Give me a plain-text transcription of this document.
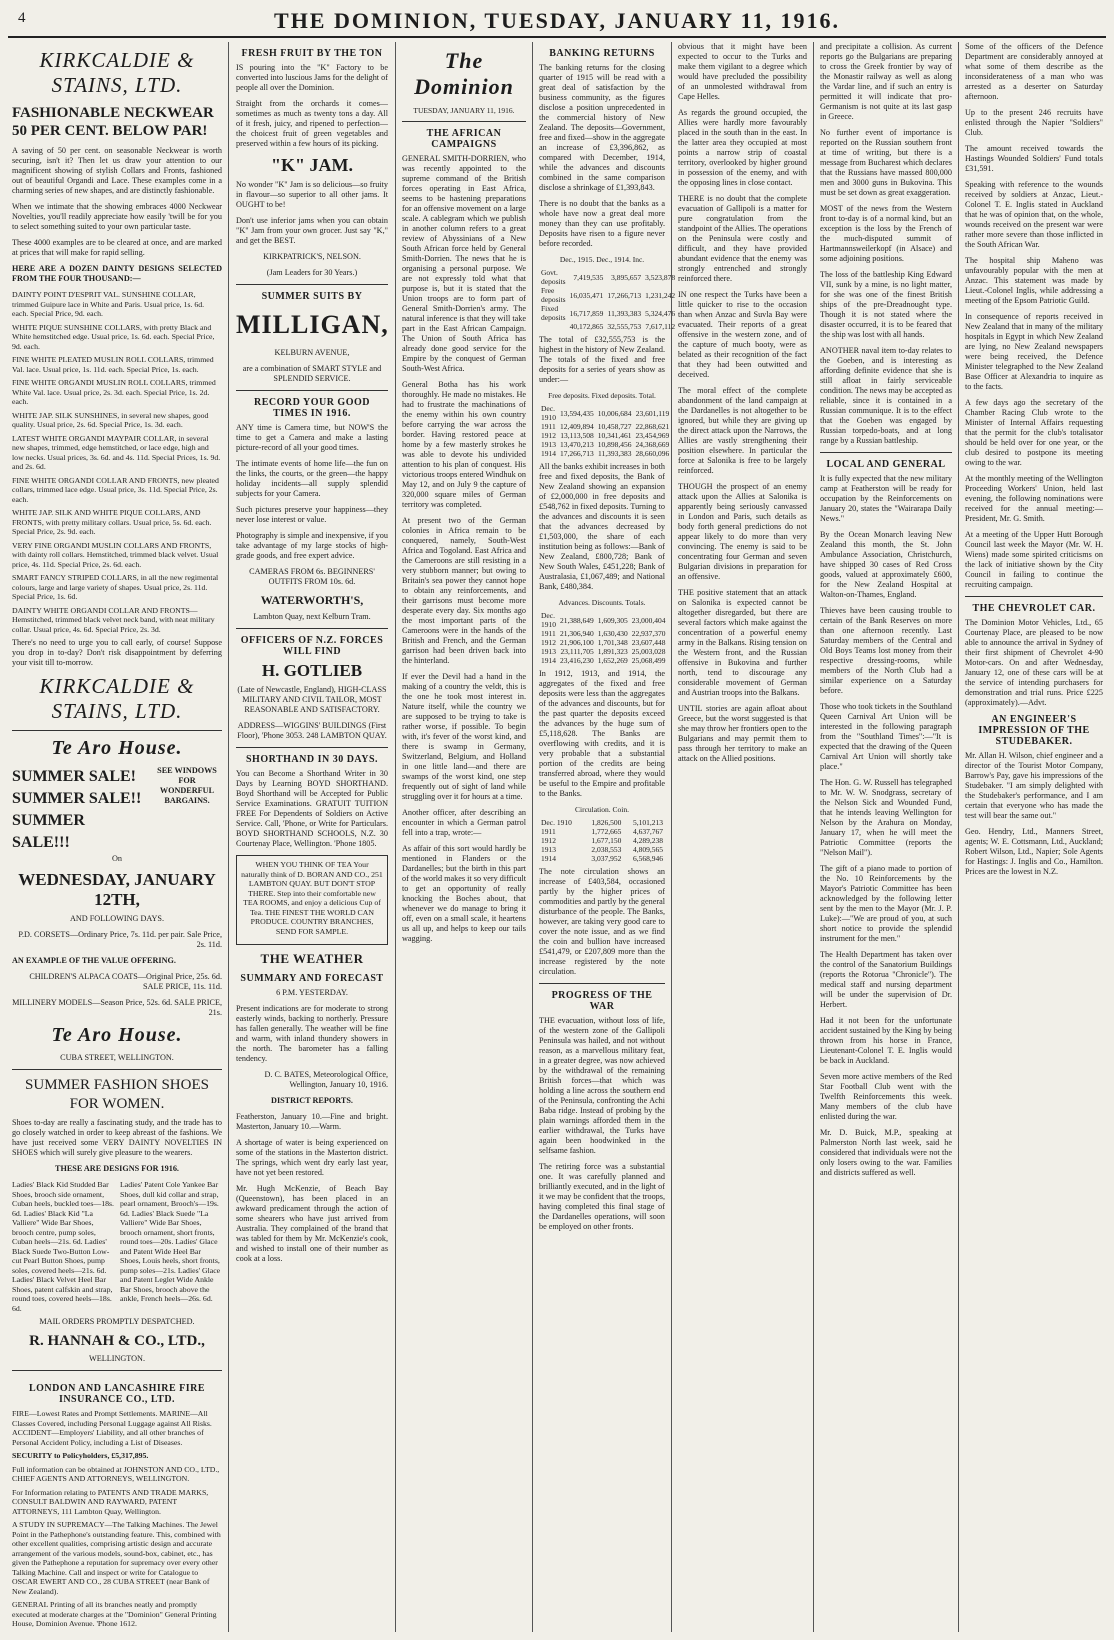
4	THE DOMINION, TUESDAY, JANUARY 11, 1916.
KIRKCALDIE & STAINS, LTD.
FASHIONABLE NECKWEAR 50 PER CENT. BELOW PAR!

A saving of 50 per cent. on seasonable Neckwear is worth securing, isn't it? Then let us draw your attention to our magnificent showing of stylish Collars and Fronts, fashioned out of beautiful Organdi and Lace. These examples come in a charming series of new shapes, and are distinctly fashionable.

When we intimate that the showing embraces 4000 Neckwear Novelties, you'll readily appreciate how easily 'twill be for you to select something suited to your own particular taste.

These 4000 examples are to be cleared at once, and are marked at prices that will make for rapid selling.

HERE ARE A DOZEN DAINTY DESIGNS SELECTED FROM THE FOUR THOUSAND:—

DAINTY POINT D'ESPRIT VAL. SUNSHINE COLLAR, trimmed Guipure lace in White and Paris. Usual price, 1s. 6d. each. Special Price, 9d. each.

WHITE PIQUE SUNSHINE COLLARS, with pretty Black and White hemstitched edge. Usual price, 1s. 6d. each. Special Price, 9d. each.

FINE WHITE PLEATED MUSLIN ROLL COLLARS, trimmed Val. lace. Usual price, 1s. 11d. each. Special Price, 1s. each.

FINE WHITE ORGANDI MUSLIN ROLL COLLARS, trimmed White Val. lace. Usual price, 2s. 3d. each. Special Price, 1s. 2d. each.

WHITE JAP. SILK SUNSHINES, in several new shapes, good quality. Usual price, 2s. 6d. Special Price, 1s. 3d. each.

LATEST WHITE ORGANDI MAYPAIR COLLAR, in several new shapes, trimmed, edge hemstitched, or lace edge, high and low necks. Usual prices, 3s. 6d. and 4s. 11d. Special Prices, 1s. 9d. and 2s. 6d.

FINE WHITE ORGANDI COLLAR AND FRONTS, new pleated collars, trimmed lace edge. Usual price, 3s. 11d. Special Price, 2s. each.

WHITE JAP. SILK AND WHITE PIQUE COLLARS, AND FRONTS, with pretty military collars. Usual price, 5s. 6d. each. Special Price, 2s. 9d. each.

VERY FINE ORGANDI MUSLIN COLLARS AND FRONTS, with dainty roll collars. Hemstitched, trimmed black velvet. Usual price, 4s. 11d. Special Price, 2s. 6d. each.

SMART FANCY STRIPED COLLARS, in all the new regimental colours, large and large variety of shapes. Usual price, 2s. 11d. Special Price, 1s. 6d.

DAINTY WHITE ORGANDI COLLAR AND FRONTS—Hemstitched, trimmed black velvet neck band, with neat military collar. Usual price, 4s. 6d. Special Price, 2s. 3d.

There's no need to urge you to call early, of course! Suppose you drop in to-day? Don't risk disappointment by deferring your visit till to-morrow.

KIRKCALDIE & STAINS, LTD.
Te Aro House.
SUMMER SALE!
SUMMER SALE!!
SUMMER SALE!!!
SEE WINDOWS FOR WONDERFUL BARGAINS.
On
WEDNESDAY, JANUARY 12TH,
AND FOLLOWING DAYS.

P.D. CORSETS—Ordinary Price, 7s. 11d. per pair. Sale Price, 2s. 11d.

AN EXAMPLE OF THE VALUE OFFERING.

CHILDREN'S ALPACA COATS—Original Price, 25s. 6d. SALE PRICE, 11s. 11d.

MILLINERY MODELS—Season Price, 52s. 6d. SALE PRICE, 21s.

Te Aro House.
CUBA STREET, WELLINGTON.
SUMMER FASHION SHOES FOR WOMEN.

Shoes to-day are really a fascinating study, and the trade has to go closely watched in order to keep abreast of the fashions. We have just received some VERY DAINTY NOVELTIES IN SHOES which will surely give pleasure to the wearers.

THESE ARE DESIGNS FOR 1916.

Ladies' Black Kid Studded Bar Shoes, brooch side ornament, Cuban heels, buckled toes—18s. 6d. Ladies' Black Kid "La Valliere" Wide Bar Shoes, brooch centre, pump soles, Cuban heels—21s. 6d. Ladies' Black Suede Two-Button Low-cut Pearl Button Shoes, pump soles, covered heels—21s. 6d. Ladies' Black Velvet Heel Bar Shoes, patent calfskin and strap, round toes, covered heels—18s. 6d.
Ladies' Patent Cole Yankee Bar Shoes, dull kid collar and strap, pearl ornament, Brooch's—19s. 6d. Ladies' Black Suede "La Valliere" Wide Bar Shoes, brooch ornament, short fronts, round toes—20s. Ladies' Glace and Patent Wide Heel Bar Shoes, Louis heels, short fronts, pump soles—21s. Ladies' Glace and Patent Leglet Wide Ankle Bar Shoes, brooch above the ankle, French heels—26s. 6d.

MAIL ORDERS PROMPTLY DESPATCHED.

R. HANNAH & CO., LTD.,
WELLINGTON.
LONDON AND LANCASHIRE FIRE INSURANCE CO., LTD.

FIRE—Lowest Rates and Prompt Settlements. MARINE—All Classes Covered, including Personal Luggage against All Risks. ACCIDENT—Employers' Liability, and all other branches of Personal Accident Policy, including a List of Diseases.

SECURITY to Policyholders, £5,317,895.

Full information can be obtained at JOHNSTON AND CO., LTD., CHIEF AGENTS AND ATTORNEYS, WELLINGTON.

For Information relating to PATENTS AND TRADE MARKS, CONSULT BALDWIN AND RAYWARD, PATENT ATTORNEYS, 111 Lambton Quay, Wellington.

A STUDY IN SUPREMACY—The Talking Machines. The Jewel Point in the Pathephone's outstanding feature. This, combined with other excellent qualities, comprising artistic design and accurate arrangement of the various models, sound-box, cabinet, etc., has given the Pathephone a reputation for supremacy over every other Talking Machine. Call and inspect or write for Catalogue to OSCAR EWERT AND CO., 28 CUBA STREET (near Bank of New Zealand).

GENERAL Printing of all its branches neatly and promptly executed at moderate charges at the "Dominion" General Printing House, Dominion Avenue. 'Phone 1612.

FRESH FRUIT BY THE TON

IS pouring into the "K" Factory to be converted into luscious Jams for the delight of people all over the Dominion.

Straight from the orchards it comes—sometimes as much as twenty tons a day. All of it fresh, juicy, and ripened to perfection—the choicest fruit of green vegetables and preserved within a few hours of its picking.

"K" JAM.

No wonder "K" Jam is so delicious—so fruity in flavour—so superior to all other jams. It OUGHT to be!

Don't use inferior jams when you can obtain "K" Jam from your own grocer. Just say "K," and get the BEST.

KIRKPATRICK'S, NELSON.

(Jam Leaders for 30 Years.)

SUMMER SUITS BY
MILLIGAN,
KELBURN AVENUE,

are a combination of SMART STYLE and SPLENDID SERVICE.

RECORD YOUR GOOD TIMES IN 1916.

ANY time is Camera time, but NOW'S the time to get a Camera and make a lasting picture-record of all your good times.

The intimate events of home life—the fun on the links, the courts, or the green—the happy holiday incidents—all supply splendid subjects for your Camera.

Such pictures preserve your happiness—they never lose interest or value.

Photography is simple and inexpensive, if you take advantage of my large stocks of high-grade goods, and free expert advice.

CAMERAS FROM 6s. BEGINNERS' OUTFITS FROM 10s. 6d.

WATERWORTH'S,

Lambton Quay, next Kelburn Tram.

OFFICERS OF N.Z. FORCES WILL FIND
H. GOTLIEB

(Late of Newcastle, England), HIGH-CLASS MILITARY AND CIVIL TAILOR, MOST REASONABLE AND SATISFACTORY.

ADDRESS—WIGGINS' BUILDINGS (First Floor), 'Phone 3053. 248 LAMBTON QUAY.

SHORTHAND IN 30 DAYS.

You can Become a Shorthand Writer in 30 Days by Learning BOYD SHORTHAND. Boyd Shorthand will be Accepted for Public Service Examinations. GRATUIT TUITION FREE For Dependents of Soldiers on Active Service. Call, 'Phone, or Write for Particulars. BOYD SHORTHAND SCHOOLS, N.Z. 30 Courtenay Place, Wellington. 'Phone 1805.

WHEN YOU THINK OF TEA Your naturally think of D. BORAN AND CO., 251 LAMBTON QUAY. BUT DON'T STOP THERE. Step into their comfortable new TEA ROOMS, and enjoy a delicious Cup of Tea. THE FINEST THE WORLD CAN PRODUCE. COUNTRY BRANCHES, SEND FOR SAMPLE.

THE WEATHER
SUMMARY AND FORECAST

6 P.M. YESTERDAY.

Present indications are for moderate to strong easterly winds, backing to northerly. Pressure has fallen generally. The weather will be fine and warm, with inland thundery showers in the north. The barometer has a falling tendency.

D. C. BATES, Meteorological Office, Wellington, January 10, 1916.

DISTRICT REPORTS.

Featherston, January 10.—Fine and bright. Masterton, January 10.—Warm.

A shortage of water is being experienced on some of the stations in the Masterton district. The springs, which went dry early last year, have not yet been restored.

Mr. Hugh McKenzie, of Beach Bay (Queenstown), has been placed in an awkward predicament through the action of some shearers who have just arrived from Australia. They complained of the brand that was tabled for them by Mr. McKenzie's cook, and wished to install one of their number as cook at a loss.

The Dominion
TUESDAY, JANUARY 11, 1916.
THE AFRICAN CAMPAIGNS

GENERAL SMITH-DORRIEN, who was recently appointed to the supreme command of the British forces operating in East Africa, seems to be hastening preparations for an offensive movement on a large scale. A cablegram which we publish in another column refers to a great review of Abyssinians of a New South African force held by General Smith-Dorrien. The news that he is organising a personal purpose. We are not expressly told what that purpose is, but it is stated that the Union troops are to form part of General Smith-Dorrien's army. The natural inference is that they will take part in the East African Campaign. The Union of South Africa has already done good service for the Empire by the conquest of German South-West Africa.

General Botha has his work thoroughly. He made no mistakes. He had to frustrate the machinations of the enemy within his own country before carrying the war across the border. Having restored peace at home by a few masterly strokes he was able to devote his undivided attention to his plan of conquest. His victorious troops entered Windhuk on May 12, and on July 9 the capture of 320,000 square miles of German territory was completed.

At present two of the German colonies in Africa remain to be conquered, namely, South-West Africa and Togoland. East Africa and the Cameroons are still resisting in a very stubborn manner; but owing to Britain's sea power they cannot hope to obtain any reinforcements, and their garrisons must become more desperate every day. Six months ago the most important parts of the Cameroons were in the hands of the British and French, and the German garrison had been driven back into the hinterland.

If ever the Devil had a hand in the making of a country the veldt, this is the one he took most interest in. Nature itself, while the country we are supposed to be trying to take is rather worse, if possible. To begin with, it's fever of the worst kind, and there is swamp in Germany, Switzerland, Belgium, and Holland in one little land—and there are swamps of the worst kind, one step frequently out of sight of land while struggling over it for hours at a time.

Another officer, after describing an encounter in which a German patrol fell into a trap, wrote:—

As affair of this sort would hardly be mentioned in Flanders or the Dardanelles; but the birth in this part of the world makes it so very difficult to get an opportunity of really knocking the Boches about, that whenever we do manage to bring it off, even on a small scale, it heartens us all up, and helps to keep our tails wagging.

BANKING RETURNS

The banking returns for the closing quarter of 1915 will be read with a great deal of satisfaction by the business community, as the figures disclose a position unprecedented in the commercial history of New Zealand. The deposits—Government, free and fixed—show in the aggregate an increase of £3,396,862, as compared with December, 1914, while the advances and discounts combined in the same comparison disclose a shrinkage of £1,393,843.

There is no doubt that the banks as a whole have now a great deal more money than they can use profitably. Deposits have risen to a figure never before recorded.

Dec., 1915. Dec., 1914. Inc.
Govt. deposits	7,419,535	3,895,657	3,523,878
Free deposits	16,035,471	17,266,713	1,231,242
Fixed deposits	16,717,859	11,393,383	5,324,476
	40,172,865	32,555,753	7,617,112

The total of £32,555,753 is the highest in the history of New Zealand. The totals of the fixed and free deposits for a series of years show as under:—

Free deposits. Fixed deposits. Total.
Dec. 1910	13,594,435	10,006,684	23,601,119
1911	12,409,894	10,458,727	22,868,621
1912	13,113,508	10,341,461	23,454,969
1913	13,470,213	10,898,456	24,368,669
1914	17,266,713	11,393,383	28,660,096

All the banks exhibit increases in both free and fixed deposits, the Bank of New Zealand showing an expansion of £2,000,000 in free deposits and £548,762 in fixed deposits. Turning to the advances and discounts it is seen that the advances decreased by £1,503,000, the share of each institution being as follows:—Bank of New Zealand, £800,728; Bank of New South Wales, £451,228; Bank of Australasia, £1,067,489; and National Bank, £480,384.

Advances. Discounts. Totals.
Dec. 1910	21,388,649	1,609,305	23,000,404
1911	21,306,940	1,630,430	22,937,370
1912	21,906,100	1,701,348	23,607,448
1913	23,111,705	1,891,323	25,003,028
1914	23,416,230	1,652,269	25,068,499

In 1912, 1913, and 1914, the aggregates of the fixed and free deposits were less than the aggregates of the advances and discounts, but for the past quarter the deposits exceed the advances by the huge sum of £5,118,628. The Banks are overflowing with credits, and it is very probable that a substantial portion of the credits are being transferred abroad, where they would be useful to the Empire and profitable to the Banks.

Circulation. Coin.
Dec. 1910	1,826,500	5,101,213
1911	1,772,665	4,637,767
1912	1,677,150	4,289,238
1913	2,038,553	4,809,565
1914	3,037,952	6,568,946

The note circulation shows an increase of £403,584, occasioned partly by the higher prices of commodities and partly by the general disturbance of the people. The Banks, however, are taking very good care to cover the note issue, and as we find the coin and bullion have increased £541,479, or £207,809 more than the increase registered by the note circulation.

PROGRESS OF THE WAR

THE evacuation, without loss of life, of the western zone of the Gallipoli Peninsula was hailed, and not without reason, as a marvellous military feat, in a greater degree, was now achieved by the withdrawal of the remaining British forces—that which was holding a line across the southern end of the Peninsula, confronting the Achi Baba ridge. Instead of probing by the plain warnings afforded them in the earlier withdrawal, the Turks have again been hoodwinked in the selfsame fashion.

The retiring force was a substantial one. It was carefully planned and brilliantly executed, and in the light of it we may be confident that the troops, having completed this final stage of the Dardanelles operations, will soon be employed on other fronts.

obvious that it might have been expected to occur to the Turks and make them vigilant to a degree which would have precluded the possibility of an unmolested withdrawal from Cape Helles.

As regards the ground occupied, the Allies were hardly more favourably placed in the south than in the east. In the latter area they occupied at most points a narrow strip of coastal territory, overlooked by higher ground in possession of the enemy, and with the opposing lines in close contact.

THERE is no doubt that the complete evacuation of Gallipoli is a matter for pure congratulation from the standpoint of the Allies. The operations on the Peninsula were costly and difficult, and they have provided abundant evidence that the enemy was strongly entrenched and strongly reinforced there.

IN one respect the Turks have been a little quicker to rise to the occasion than when Anzac and Suvla Bay were evacuated. Their reports of a great offensive in the western zone, and of the capture of much booty, were as belated as their recognition of the fact that they had been outwitted and deceived.

The moral effect of the complete abandonment of the land campaign at the Dardanelles is not altogether to be ignored, but while they are giving up the direct attack upon the Narrows, the Allies are vastly strengthening their position elsewhere. In particular the force at Salonika is free to be largely reinforced.

THOUGH the prospect of an enemy attack upon the Allies at Salonika is apparently being seriously canvassed in London and Paris, such details as body forth general predictions do not appear likely to do more than very convincing. The enemy is said to be concentrating four German and seven Bulgarian divisions in preparation for an offensive.

THE positive statement that an attack on Salonika is expected cannot be altogether disregarded, but there are several factors which make against the concentration of a powerful enemy army in the Balkans. Rising tension on the Western front, and the Russian offensive in Bukovina and further north, tend to discourage any considerable movement of German and Austrian troops into the Balkans.

UNTIL stories are again afloat about Greece, but the worst suggested is that she may throw her frontiers open to the Bulgarians and may permit them to pass through her territory to make an attack on the Allied positions.

and precipitate a collision. As current reports go the Bulgarians are preparing to cross the Greek frontier by way of the Monastir railway as well as along the Vardar line, and if such an entry is permitted it will indicate that pro-Germanism is not quite at its last gasp in Greece.

No further event of importance is reported on the Russian southern front at time of writing, but there is a message from Bucharest which declares that the Russians have massed 800,000 men and 3000 guns in Bukovina. This must be set down as great exaggeration.

MOST of the news from the Western front to-day is of a normal kind, but an exception is the loss by the French of the much-disputed summit of Hartmannsweilerkopf (in Alsace) and some adjoining positions.

The loss of the battleship King Edward VII, sunk by a mine, is no light matter, for she was one of the finest British ships of the pre-Dreadnought type. Though it is not stated where the disaster occurred, it is to be feared that the ship was lost with all hands.

ANOTHER naval item to-day relates to the Goeben, and is interesting as affording definite evidence that she is still afloat in fairly serviceable condition. The news may be accepted as reliable, since it is contained in a Russian communique. It is to the effect that the Goeben was engaged by Russian torpedo-boats, and at long range by a Russian battleship.

LOCAL AND GENERAL

It is fully expected that the new military camp at Featherston will be ready for occupation by the Reinforcements on January 20, states the "Wairarapa Daily News."

By the Ocean Monarch leaving New Zealand this month, the St. John Ambulance Association, Christchurch, have shipped 30 cases of Red Cross goods, valued at approximately £600, for the New Zealand Hospital at Walton-on-Thames, England.

Thieves have been causing trouble to certain of the Bank Reserves on more than one afternoon recently. Last Saturday members of the Central and Old Boys Teams lost money from their respective dressing-rooms, while members of the North Club had a similar experience on a Saturday before.

Those who took tickets in the Southland Queen Carnival Art Union will be interested in the following paragraph from the "Southland Times":—"It is expected that the drawing of the Queen Carnival Art Union will shortly take place."

The Hon. G. W. Russell has telegraphed to Mr. W. W. Snodgrass, secretary of the Nelson Sick and Wounded Fund, that he intends leaving Wellington for Nelson by the Arahura on Monday, January 17, when he will meet the Patriotic Committee (reports the "Nelson Mail").

The gift of a piano made to portion of the No. 10 Reinforcements by the Mayor's Patriotic Committee has been acknowledged by the following letter sent by the men to the Mayor (Mr. J. P. Luke):—"We are proud of you, at such short notice to provide the splendid instrument for the men."

The Health Department has taken over the control of the Sanatorium Buildings (reports the Rotorua "Chronicle"). The medical staff and nursing department will be under the supervision of Dr. Herbert.

Had it not been for the unfortunate accident sustained by the King by being thrown from his horse in France, Lieutenant-Colonel T. E. Inglis would be back in Auckland.

Seven more active members of the Red Star Football Club went with the Twelfth Reinforcements this week. Many members of the club have enlisted during the war.

Mr. D. Buick, M.P., speaking at Palmerston North last week, said he considered that individuals were not the only losers owing to the war. Families and districts suffered as well.

Some of the officers of the Defence Department are considerably annoyed at what some of them describe as the inconsiderateness of a man who was arrested as a deserter on Saturday afternoon.

Up to the present 246 recruits have enlisted through the Napier "Soldiers" Club.

The amount received towards the Hastings Wounded Soldiers' Fund totals £31,591.

Speaking with reference to the wounds received by soldiers at Anzac, Lieut.-Colonel T. E. Inglis stated in Auckland that he was of opinion that, on the whole, wounds received on the present war were rather more severe than those inflicted in the South African War.

The hospital ship Maheno was unfavourably popular with the men at Anzac. This statement was made by Lieut.-Colonel Inglis, while addressing a meeting of the Epsom Patriotic Guild.

In consequence of reports received in New Zealand that in many of the military hospitals in Egypt in which New Zealand are lying, no New Zealand newspapers were being received, the Defence Minister telegraphed to the New Zealand Base Officer at Alexandria to inquire as to the facts.

A few days ago the secretary of the Chamber Racing Club wrote to the Minister of Internal Affairs requesting that the permit for the club's totalisator should be held over for one year, or the club desired to postpone its meeting owing to the war.

At the monthly meeting of the Wellington Proceeding Workers' Union, held last evening, the following nominations were received for the annual meeting:—President, Mr. G. Smith.

At a meeting of the Upper Hutt Borough Council last week the Mayor (Mr. W. H. Wiens) made some spirited criticisms on the lack of initiative shown by the City Council in failing to continue the recruiting campaign.

THE CHEVROLET CAR.

The Dominion Motor Vehicles, Ltd., 65 Courtenay Place, are pleased to be now able to announce the arrival in Sydney of their first shipment of Chevrolet 4-90 Motor-cars. On and after Wednesday, January 12, one of these cars will be at the service of intending purchasers for demonstration and trial runs. Price £225 (approximately).—Advt.

AN ENGINEER'S IMPRESSION OF THE STUDEBAKER.

Mr. Allan H. Wilson, chief engineer and a director of the Tourist Motor Company, Barrow's Pay, gave his impressions of the Studebaker. "I am simply delighted with the Studebaker's performance, and I am certain that everyone who has made the test will bear the same out."

Geo. Hendry, Ltd., Manners Street, agents; W. E. Cottsmann, Ltd., Auckland; Robert Wilson, Ltd., Napier; Sole Agents for Hastings: J. Inglis and Co., Hamilton. Prices are the lowest in N.Z.
